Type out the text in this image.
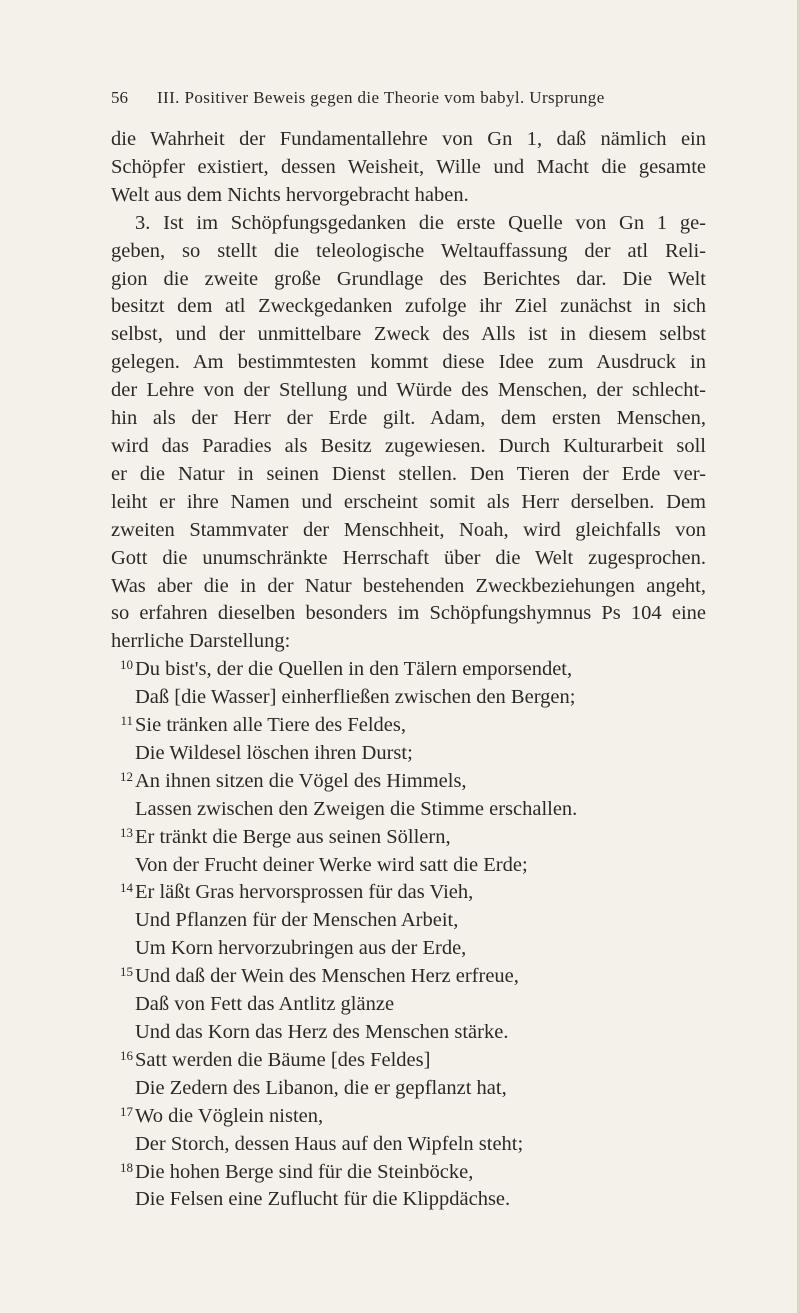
56	III. Positiver Beweis gegen die Theorie vom babyl. Ursprunge
die Wahrheit der Fundamentallehre von Gn 1, daß nämlich ein
Schöpfer existiert, dessen Weisheit, Wille und Macht die gesamte
Welt aus dem Nichts hervorgebracht haben.
3. Ist im Schöpfungsgedanken die erste Quelle von Gn 1 ge-
geben, so stellt die teleologische Weltauffassung der atl Reli-
gion die zweite große Grundlage des Berichtes dar. Die Welt
besitzt dem atl Zweckgedanken zufolge ihr Ziel zunächst in sich
selbst, und der unmittelbare Zweck des Alls ist in diesem selbst
gelegen. Am bestimmtesten kommt diese Idee zum Ausdruck in
der Lehre von der Stellung und Würde des Menschen, der schlecht-
hin als der Herr der Erde gilt. Adam, dem ersten Menschen,
wird das Paradies als Besitz zugewiesen. Durch Kulturarbeit soll
er die Natur in seinen Dienst stellen. Den Tieren der Erde ver-
leiht er ihre Namen und erscheint somit als Herr derselben. Dem
zweiten Stammvater der Menschheit, Noah, wird gleichfalls von
Gott die unumschränkte Herrschaft über die Welt zugesprochen.
Was aber die in der Natur bestehenden Zweckbeziehungen angeht,
so erfahren dieselben besonders im Schöpfungshymnus Ps 104 eine
herrliche Darstellung:
10 Du bist's, der die Quellen in den Tälern emporsendet,
Daß [die Wasser] einherfließen zwischen den Bergen;
11 Sie tränken alle Tiere des Feldes,
Die Wildesel löschen ihren Durst;
12 An ihnen sitzen die Vögel des Himmels,
Lassen zwischen den Zweigen die Stimme erschallen.
13 Er tränkt die Berge aus seinen Söllern,
Von der Frucht deiner Werke wird satt die Erde;
14 Er läßt Gras hervorsprossen für das Vieh,
Und Pflanzen für der Menschen Arbeit,
Um Korn hervorzubringen aus der Erde,
15 Und daß der Wein des Menschen Herz erfreue,
Daß von Fett das Antlitz glänze
Und das Korn das Herz des Menschen stärke.
16 Satt werden die Bäume [des Feldes]
Die Zedern des Libanon, die er gepflanzt hat,
17 Wo die Vöglein nisten,
Der Storch, dessen Haus auf den Wipfeln steht;
18 Die hohen Berge sind für die Steinböcke,
Die Felsen eine Zuflucht für die Klippdächse.
